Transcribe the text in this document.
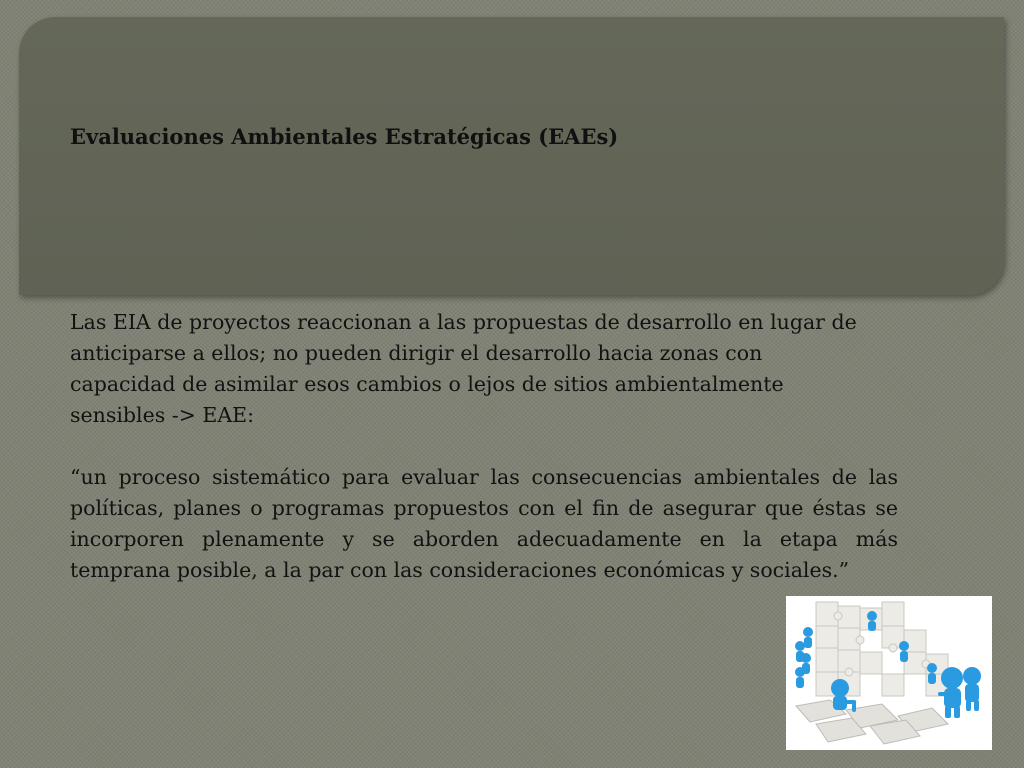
Evaluaciones Ambientales Estratégicas (EAEs)

Las EIA de proyectos reaccionan a las propuestas de desarrollo en lugar de anticiparse a ellos; no pueden dirigir el desarrollo hacia zonas con capacidad de asimilar esos cambios o lejos de sitios ambientalmente sensibles -> EAE:

“un proceso sistemático para evaluar las consecuencias ambientales de las políticas, planes o programas propuestos con el fin de asegurar que éstas se incorporen plenamente y se aborden adecuadamente en la etapa más temprana posible, a la par con las consideraciones económicas y sociales.”
